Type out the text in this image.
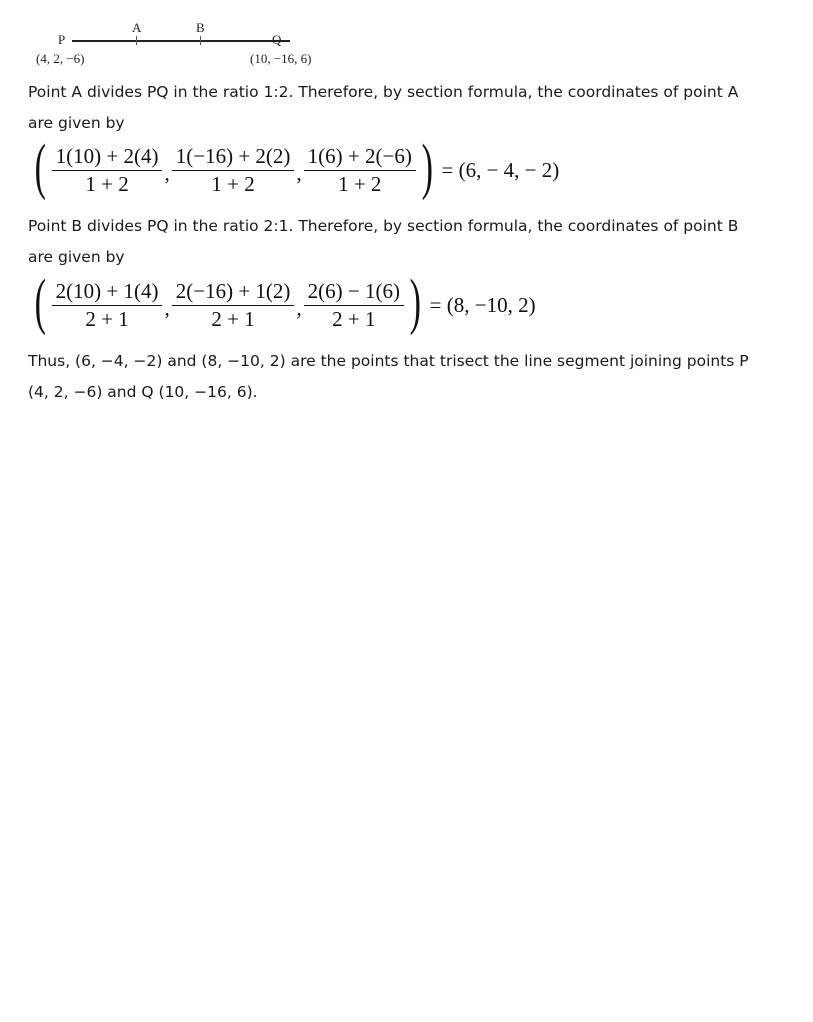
P
A	B
Q
(4, 2, −6)	(10, −16, 6)
Point A divides PQ in the ratio 1:2. Therefore, by section formula, the coordinates of point A are given by
( $\frac{1(10) + 2(4)}{1 + 2}$ , $\frac{1(-16) + 2(2)}{1 + 2}$ , $\frac{1(6) + 2(-6)}{1 + 2}$ ) = (6, − 4, − 2)
Point B divides PQ in the ratio 2:1. Therefore, by section formula, the coordinates of point B are given by
( $\frac{2(10) + 1(4)}{2 + 1}$ , $\frac{2(-16) + 1(2)}{2 + 1}$ , $\frac{2(6) - 1(6)}{2 + 1}$ ) = (8, −10, 2)
Thus, (6, −4, −2) and (8, −10, 2) are the points that trisect the line segment joining points P (4, 2, −6) and Q (10, −16, 6).
